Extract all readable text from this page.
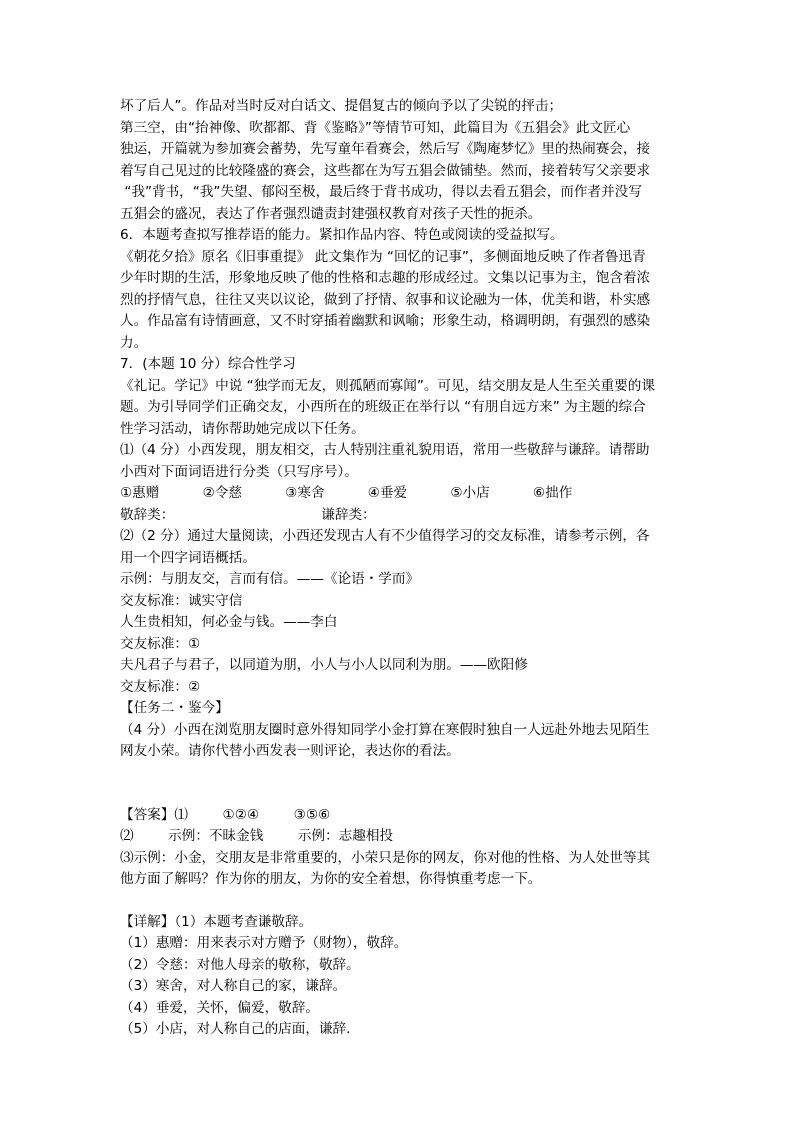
坏了后人”。作品对当时反对白话文、提倡复古的倾向予以了尖锐的抨击；
第三空，由“抬神像、吹都都、背《鉴略》”等情节可知，此篇目为《五猖会》此文匠心
独运，开篇就为参加赛会蓄势，先写童年看赛会，然后写《陶庵梦忆》里的热闹赛会，接
着写自己见过的比较隆盛的赛会，这些都在为写五猖会做铺垫。然而，接着转写父亲要求
“我”背书，“我”失望、郁闷至极，最后终于背书成功，得以去看五猖会，而作者并没写
五猖会的盛况，表达了作者强烈谴责封建强权教育对孩子天性的扼杀。
6．本题考查拟写推荐语的能力。紧扣作品内容、特色或阅读的受益拟写。
《朝花夕拾》原名《旧事重提》 此文集作为 “回忆的记事”，多侧面地反映了作者鲁迅青
少年时期的生活，形象地反映了他的性格和志趣的形成经过。文集以记事为主，饱含着浓
烈的抒情气息，往往又夹以议论，做到了抒情、叙事和议论融为一体，优美和谐，朴实感
人。作品富有诗情画意，又不时穿插着幽默和讽喻；形象生动，格调明朗，有强烈的感染
力。
7．(本题 10 分）综合性学习
《礼记。学记》中说 “独学而无友，则孤陋而寡闻”。可见，结交朋友是人生至关重要的课
题。为引导同学们正确交友，小西所在的班级正在举行以 “有朋自远方来” 为主题的综合
性学习活动，请你帮助她完成以下任务。
⑴（4 分）小西发现，朋友相交，古人特别注重礼貌用语，常用一些敬辞与谦辞。请帮助
小西对下面词语进行分类（只写序号）。
①惠赠          ②令慈          ③寒舍          ④垂爱          ⑤小店          ⑥拙作
敬辞类：                                  谦辞类：
⑵（2 分）通过大量阅读，小西还发现古人有不少值得学习的交友标准，请参考示例，各
用一个四字词语概括。
示例：与朋友交，言而有信。——《论语・学而》
交友标准：诚实守信
人生贵相知，何必金与钱。——李白
交友标准：①
夫凡君子与君子，以同道为朋，小人与小人以同利为朋。——欧阳修
交友标准：②
【任务二・鉴今】
（4 分）小西在浏览朋友圈时意外得知同学小金打算在寒假时独自一人远赴外地去见陌生
网友小荣。请你代替小西发表一则评论，表达你的看法。
【答案】⑴        ①②④        ③⑤⑥
⑵        示例：不昧金钱        示例：志趣相投
⑶示例：小金，交朋友是非常重要的，小荣只是你的网友，你对他的性格、为人处世等其
他方面了解吗？作为你的朋友，为你的安全着想，你得慎重考虑一下。
【详解】（1）本题考查谦敬辞。
（1）惠赠：用来表示对方赠予（财物），敬辞。
（2）令慈：对他人母亲的敬称，敬辞。
（3）寒舍，对人称自己的家，谦辞。
（4）垂爱，关怀，偏爱，敬辞。
（5）小店，对人称自己的店面，谦辞.
